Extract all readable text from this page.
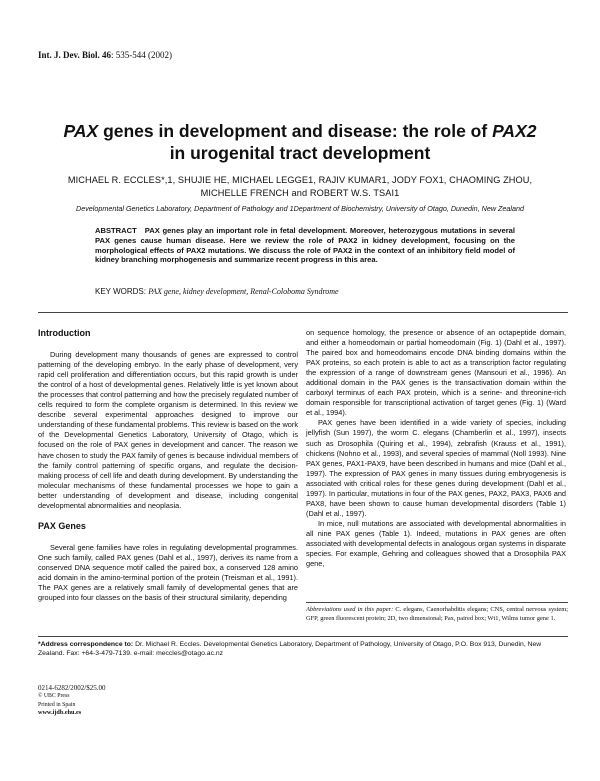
Int. J. Dev. Biol. 46: 535-544 (2002)
PAX genes in development and disease: the role of PAX2
in urogenital tract development
MICHAEL R. ECCLES*,1, SHUJIE HE, MICHAEL LEGGE1, RAJIV KUMAR1, JODY FOX1, CHAOMING ZHOU,
MICHELLE FRENCH and ROBERT W.S. TSAI1
Developmental Genetics Laboratory, Department of Pathology and 1Department of Biochemistry, University of Otago, Dunedin, New Zealand
ABSTRACT PAX genes play an important role in fetal development. Moreover, heterozygous mutations in several PAX genes cause human disease. Here we review the role of PAX2 in kidney development, focusing on the morphological effects of PAX2 mutations. We discuss the role of PAX2 in the context of an inhibitory field model of kidney branching morphogenesis and summarize recent progress in this area.
KEY WORDS: PAX gene, kidney development, Renal-Coloboma Syndrome
Introduction

During development many thousands of genes are expressed to control patterning of the developing embryo. In the early phase of development, very rapid cell proliferation and differentiation occurs, but this rapid growth is under the control of a host of developmental genes. Relatively little is yet known about the processes that control patterning and how the precisely regulated number of cells required to form the complete organism is determined. In this review we describe several experimental approaches designed to improve our understanding of these fundamental problems. This review is based on the work of the Developmental Genetics Laboratory, University of Otago, which is focused on the role of PAX genes in development and cancer. The reason we have chosen to study the PAX family of genes is because individual members of the family control patterning of specific organs, and regulate the decision-making process of cell life and death during development. By understanding the molecular mechanisms of these fundamental processes we hope to gain a better understanding of development and disease, including congenital developmental abnormalities and neoplasia.

PAX Genes

Several gene families have roles in regulating developmental programmes. One such family, called PAX genes (Dahl et al., 1997), derives its name from a conserved DNA sequence motif called the paired box, a conserved 128 amino acid domain in the amino-terminal portion of the protein (Treisman et al., 1991). The PAX genes are a relatively small family of developmental genes that are grouped into four classes on the basis of their structural similarity, depending

on sequence homology, the presence or absence of an octapeptide domain, and either a homeodomain or partial homeodomain (Fig. 1) (Dahl et al., 1997). The paired box and homeodomains encode DNA binding domains within the PAX proteins, so each protein is able to act as a transcription factor regulating the expression of a range of downstream genes (Mansouri et al., 1996). An additional domain in the PAX genes is the transactivation domain within the carboxyl terminus of each PAX protein, which is a serine- and threonine-rich domain responsible for transcriptional activation of target genes (Fig. 1) (Ward et al., 1994).

PAX genes have been identified in a wide variety of species, including jellyfish (Sun 1997), the worm C. elegans (Chamberlin et al., 1997), insects such as Drosophila (Quiring et al., 1994), zebrafish (Krauss et al., 1991), chickens (Nohno et al., 1993), and several species of mammal (Noll 1993). Nine PAX genes, PAX1-PAX9, have been described in humans and mice (Dahl et al., 1997). The expression of PAX genes in many tissues during embryogenesis is associated with critical roles for these genes during development (Dahl et al., 1997). In particular, mutations in four of the PAX genes, PAX2, PAX3, PAX6 and PAX8, have been shown to cause human developmental disorders (Table 1) (Dahl et al., 1997).

In mice, null mutations are associated with developmental abnormalities in all nine PAX genes (Table 1). Indeed, mutations in PAX genes are often associated with developmental defects in analogous organ systems in disparate species. For example, Gehring and colleagues showed that a Drosophila PAX gene,

Abbreviations used in this paper: C. elegans, Caenorhabditis elegans; CNS, central nervous system; GFP, green fluorescent protein; 2D, two dimensional; Pax, paired box; Wt1, Wilms tumor gene 1.
*Address correspondence to: Dr. Michael R. Eccles. Developmental Genetics Laboratory, Department of Pathology, University of Otago, P.O. Box 913, Dunedin, New Zealand. Fax: +64-3-479-7139. e-mail: meccles@otago.ac.nz
0214-6282/2002/$25.00
© UBC Press
Printed in Spain
www.ijdb.ehu.es
